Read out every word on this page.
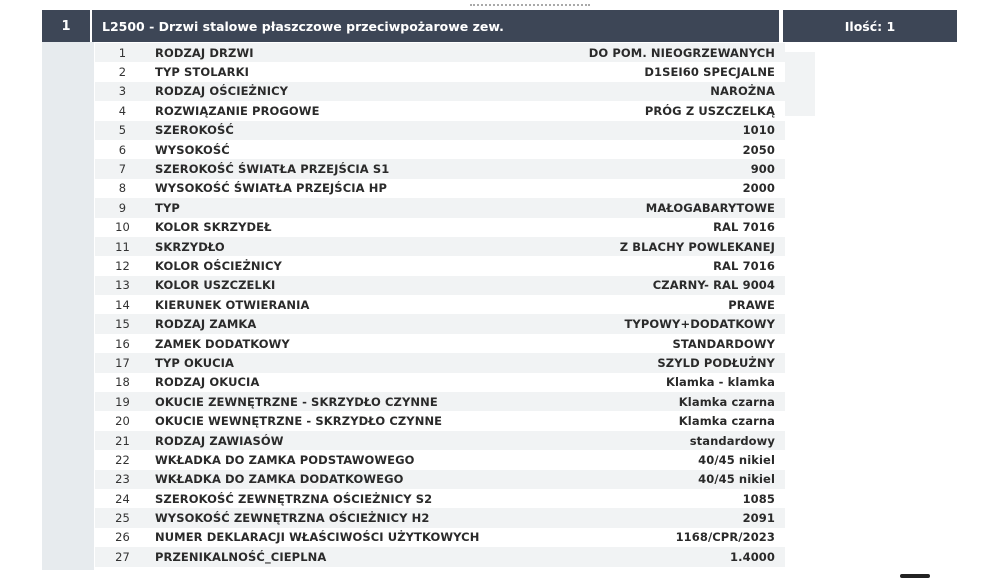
1	L2500 - Drzwi stalowe płaszczowe przeciwpożarowe zew.	Ilość: 1
1	RODZAJ DRZWI	DO POM. NIEOGRZEWANYCH
2	TYP STOLARKI	D1SEI60 SPECJALNE
3	RODZAJ OŚCIEŻNICY	NAROŻNA
4	ROZWIĄZANIE PROGOWE	PRÓG Z USZCZELKĄ
5	SZEROKOŚĆ	1010
6	WYSOKOŚĆ	2050
7	SZEROKOŚĆ ŚWIATŁA PRZEJŚCIA S1	900
8	WYSOKOŚĆ ŚWIATŁA PRZEJŚCIA HP	2000
9	TYP	MAŁOGABARYTOWE
10	KOLOR SKRZYDEŁ	RAL 7016
11	SKRZYDŁO	Z BLACHY POWLEKANEJ
12	KOLOR OŚCIEŻNICY	RAL 7016
13	KOLOR USZCZELKI	CZARNY- RAL 9004
14	KIERUNEK OTWIERANIA	PRAWE
15	RODZAJ ZAMKA	TYPOWY+DODATKOWY
16	ZAMEK DODATKOWY	STANDARDOWY
17	TYP OKUCIA	SZYLD PODŁUŻNY
18	RODZAJ OKUCIA	Klamka - klamka
19	OKUCIE ZEWNĘTRZNE - SKRZYDŁO CZYNNE	Klamka czarna
20	OKUCIE WEWNĘTRZNE - SKRZYDŁO CZYNNE	Klamka czarna
21	RODZAJ ZAWIASÓW	standardowy
22	WKŁADKA DO ZAMKA PODSTAWOWEGO	40/45 nikiel
23	WKŁADKA DO ZAMKA DODATKOWEGO	40/45 nikiel
24	SZEROKOŚĆ ZEWNĘTRZNA OŚCIEŻNICY S2	1085
25	WYSOKOŚĆ ZEWNĘTRZNA OŚCIEŻNICY H2	2091
26	NUMER DEKLARACJI WŁAŚCIWOŚCI UŻYTKOWYCH	1168/CPR/2023
27	PRZENIKALNOŚĆ_CIEPLNA	1.4000
